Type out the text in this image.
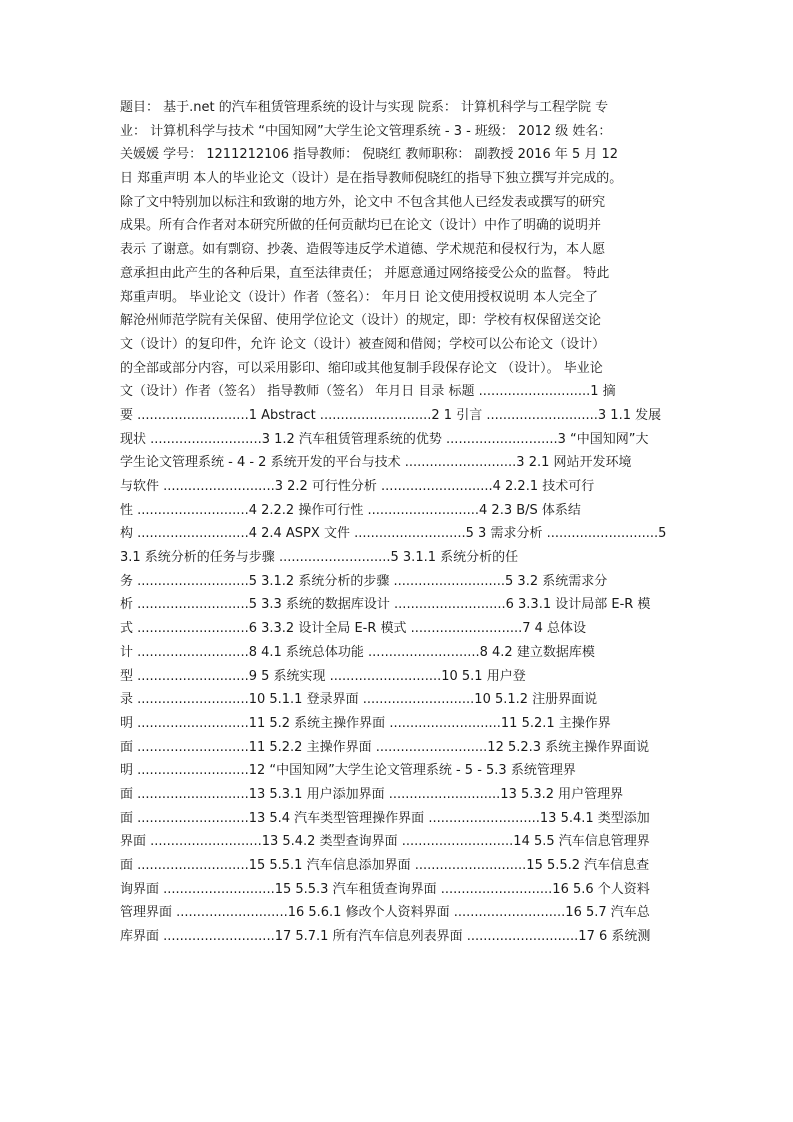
题目： 基于.net 的汽车租赁管理系统的设计与实现 院系： 计算机科学与工程学院 专
业： 计算机科学与技术 “中国知网”大学生论文管理系统 - 3 - 班级： 2012 级 姓名：
关媛媛 学号： 1211212106 指导教师： 倪晓红 教师职称： 副教授 2016 年 5 月 12
日 郑重声明 本人的毕业论文（设计）是在指导教师倪晓红的指导下独立撰写并完成的。
除了文中特别加以标注和致谢的地方外，论文中 不包含其他人已经发表或撰写的研究
成果。所有合作者对本研究所做的任何贡献均已在论文（设计）中作了明确的说明并
表示 了谢意。如有剽窃、抄袭、造假等违反学术道德、学术规范和侵权行为，本人愿
意承担由此产生的各种后果，直至法律责任； 并愿意通过网络接受公众的监督。 特此
郑重声明。 毕业论文（设计）作者（签名）： 年月日 论文使用授权说明 本人完全了
解沧州师范学院有关保留、使用学位论文（设计）的规定，即：学校有权保留送交论
文（设计）的复印件，允许 论文（设计）被查阅和借阅；学校可以公布论文（设计）
的全部或部分内容，可以采用影印、缩印或其他复制手段保存论文 （设计）。 毕业论
文（设计）作者（签名） 指导教师（签名） 年月日 目录 标题 ...........................1 摘
要 ...........................1 Abstract ...........................2 1 引言 ...........................3 1.1 发展
现状 ...........................3 1.2 汽车租赁管理系统的优势 ...........................3 “中国知网”大
学生论文管理系统 - 4 - 2 系统开发的平台与技术 ...........................3 2.1 网站开发环境
与软件 ...........................3 2.2 可行性分析 ...........................4 2.2.1 技术可行
性 ...........................4 2.2.2 操作可行性 ...........................4 2.3 B/S 体系结
构 ...........................4 2.4 ASPX 文件 ...........................5 3 需求分析 ...........................5
3.1 系统分析的任务与步骤 ...........................5 3.1.1 系统分析的任
务 ...........................5 3.1.2 系统分析的步骤 ...........................5 3.2 系统需求分
析 ...........................5 3.3 系统的数据库设计 ...........................6 3.3.1 设计局部 E-R 模
式 ...........................6 3.3.2 设计全局 E-R 模式 ...........................7 4 总体设
计 ...........................8 4.1 系统总体功能 ...........................8 4.2 建立数据库模
型 ...........................9 5 系统实现 ...........................10 5.1 用户登
录 ...........................10 5.1.1 登录界面 ...........................10 5.1.2 注册界面说
明 ...........................11 5.2 系统主操作界面 ...........................11 5.2.1 主操作界
面 ...........................11 5.2.2 主操作界面 ...........................12 5.2.3 系统主操作界面说
明 ...........................12 “中国知网”大学生论文管理系统 - 5 - 5.3 系统管理界
面 ...........................13 5.3.1 用户添加界面 ...........................13 5.3.2 用户管理界
面 ...........................13 5.4 汽车类型管理操作界面 ...........................13 5.4.1 类型添加
界面 ...........................13 5.4.2 类型查询界面 ...........................14 5.5 汽车信息管理界
面 ...........................15 5.5.1 汽车信息添加界面 ...........................15 5.5.2 汽车信息查
询界面 ...........................15 5.5.3 汽车租赁查询界面 ...........................16 5.6 个人资料
管理界面 ...........................16 5.6.1 修改个人资料界面 ...........................16 5.7 汽车总
库界面 ...........................17 5.7.1 所有汽车信息列表界面 ...........................17 6 系统测
